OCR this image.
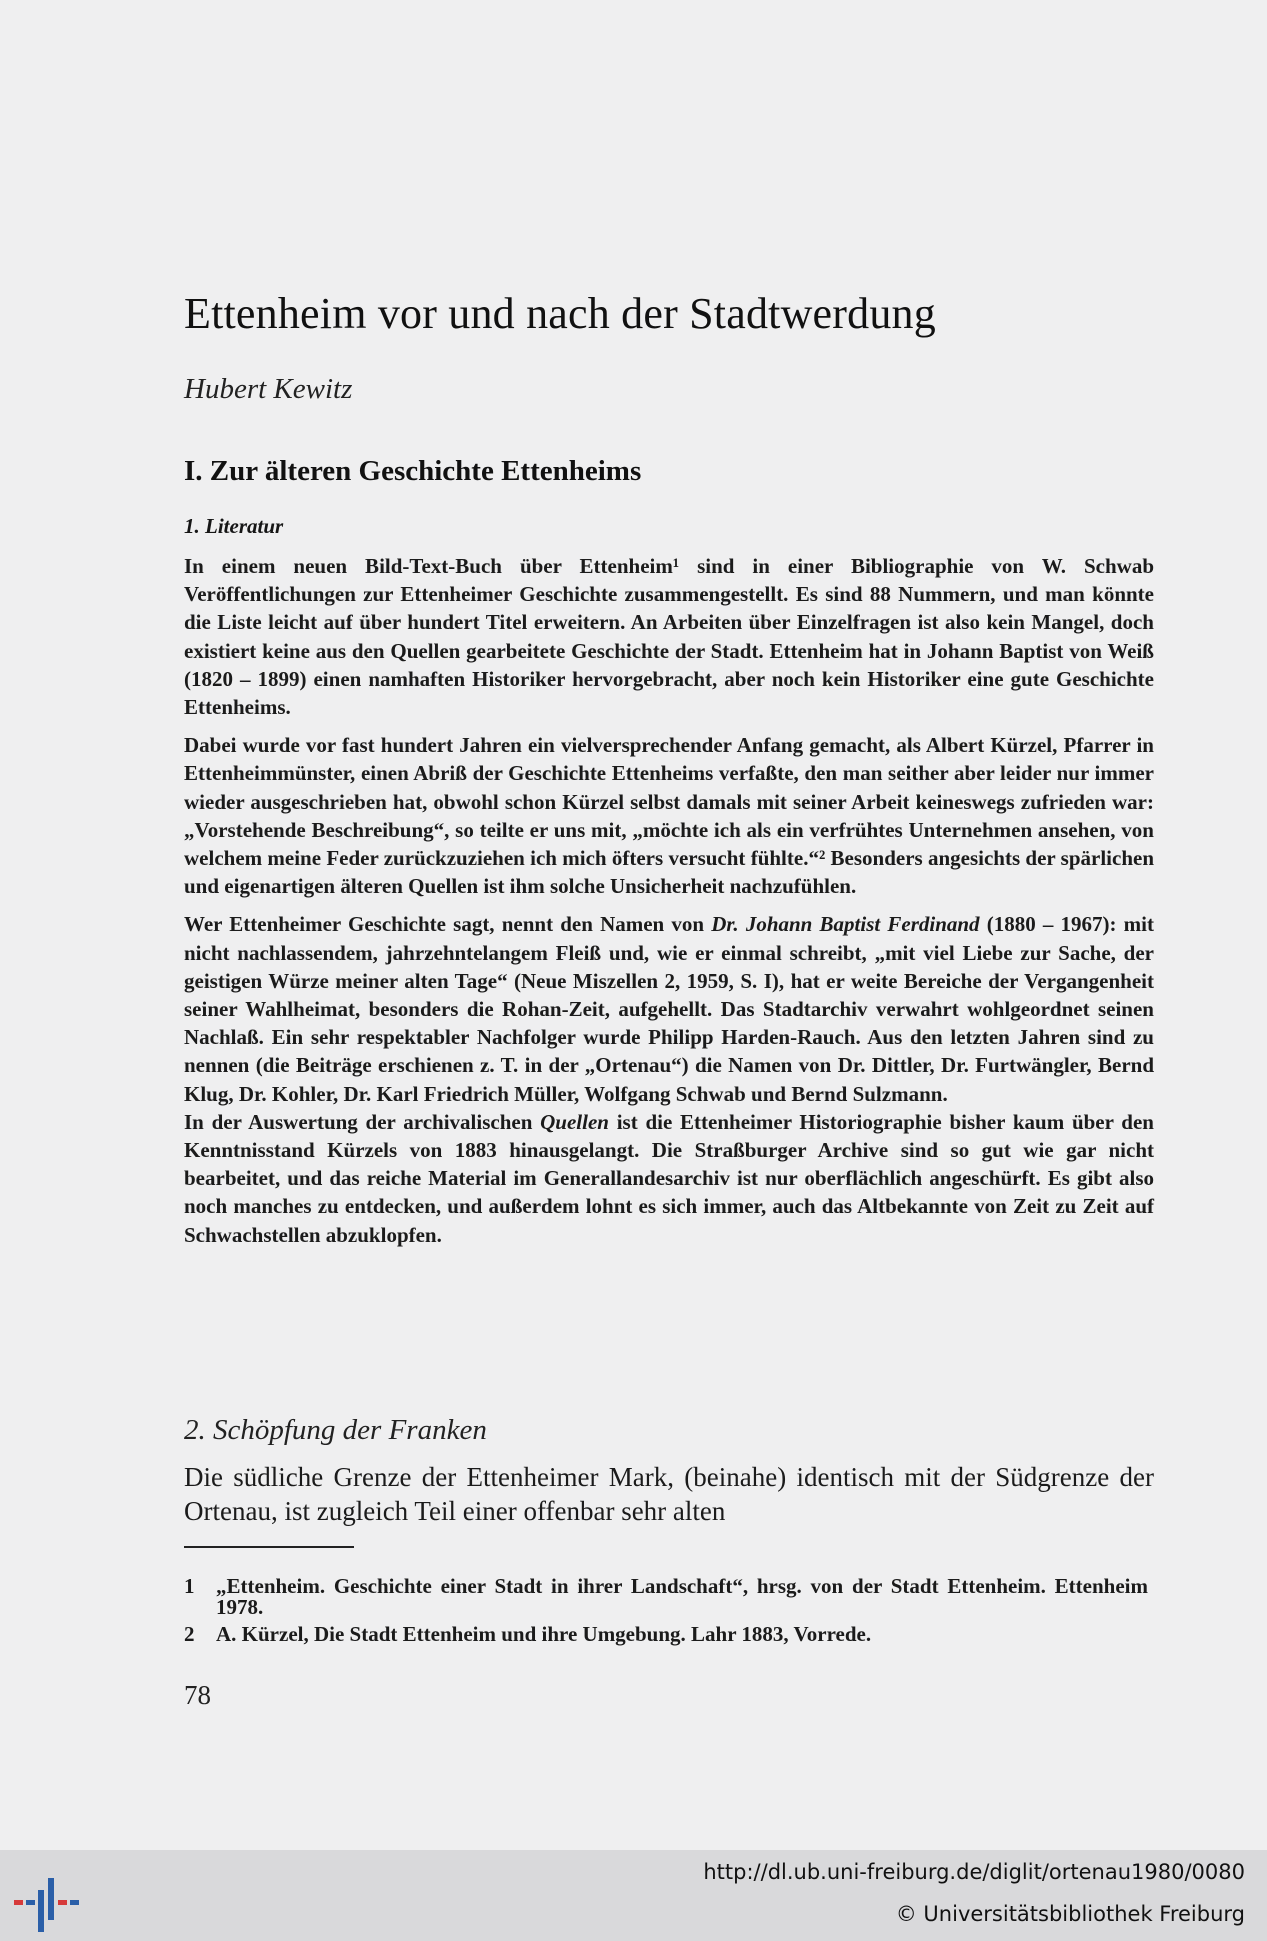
Ettenheim vor und nach der Stadtwerdung
Hubert Kewitz
I. Zur älteren Geschichte Ettenheims
1. Literatur

In einem neuen Bild-Text-Buch über Ettenheim¹ sind in einer Bibliographie von W. Schwab Veröffentlichungen zur Ettenheimer Geschichte zusammengestellt. Es sind 88 Nummern, und man könnte die Liste leicht auf über hundert Titel erweitern. An Arbeiten über Einzelfragen ist also kein Mangel, doch existiert keine aus den Quellen gearbeitete Geschichte der Stadt. Ettenheim hat in Johann Baptist von Weiß (1820 – 1899) einen namhaften Historiker hervorgebracht, aber noch kein Historiker eine gute Geschichte Ettenheims.

Dabei wurde vor fast hundert Jahren ein vielversprechender Anfang gemacht, als Albert Kürzel, Pfarrer in Ettenheimmünster, einen Abriß der Geschichte Ettenheims verfaßte, den man seither aber leider nur immer wieder ausgeschrieben hat, obwohl schon Kürzel selbst damals mit seiner Arbeit keineswegs zufrieden war: „Vorstehende Beschreibung“, so teilte er uns mit, „möchte ich als ein verfrühtes Unternehmen ansehen, von welchem meine Feder zurückzuziehen ich mich öfters versucht fühlte.“² Besonders angesichts der spärlichen und eigenartigen älteren Quellen ist ihm solche Unsicherheit nachzufühlen.

Wer Ettenheimer Geschichte sagt, nennt den Namen von Dr. Johann Baptist Ferdinand (1880 – 1967): mit nicht nachlassendem, jahrzehntelangem Fleiß und, wie er einmal schreibt, „mit viel Liebe zur Sache, der geistigen Würze meiner alten Tage“ (Neue Miszellen 2, 1959, S. I), hat er weite Bereiche der Vergangenheit seiner Wahlheimat, besonders die Rohan-Zeit, aufgehellt. Das Stadtarchiv verwahrt wohlgeordnet seinen Nachlaß. Ein sehr respektabler Nachfolger wurde Philipp Harden-Rauch. Aus den letzten Jahren sind zu nennen (die Beiträge erschienen z. T. in der „Ortenau“) die Namen von Dr. Dittler, Dr. Furtwängler, Bernd Klug, Dr. Kohler, Dr. Karl Friedrich Müller, Wolfgang Schwab und Bernd Sulzmann.

In der Auswertung der archivalischen Quellen ist die Ettenheimer Historiographie bisher kaum über den Kenntnisstand Kürzels von 1883 hinausgelangt. Die Straßburger Archive sind so gut wie gar nicht bearbeitet, und das reiche Material im Generallandesarchiv ist nur oberflächlich angeschürft. Es gibt also noch manches zu entdecken, und außerdem lohnt es sich immer, auch das Altbekannte von Zeit zu Zeit auf Schwachstellen abzuklopfen.

2. Schöpfung der Franken
Die südliche Grenze der Ettenheimer Mark, (beinahe) identisch mit der Südgrenze der Ortenau, ist zugleich Teil einer offenbar sehr alten
1	„Ettenheim. Geschichte einer Stadt in ihrer Landschaft“, hrsg. von der Stadt Ettenheim. Ettenheim 1978.
2	A. Kürzel, Die Stadt Ettenheim und ihre Umgebung. Lahr 1883, Vorrede.
78
http://dl.ub.uni-freiburg.de/diglit/ortenau1980/0080
© Universitätsbibliothek Freiburg
